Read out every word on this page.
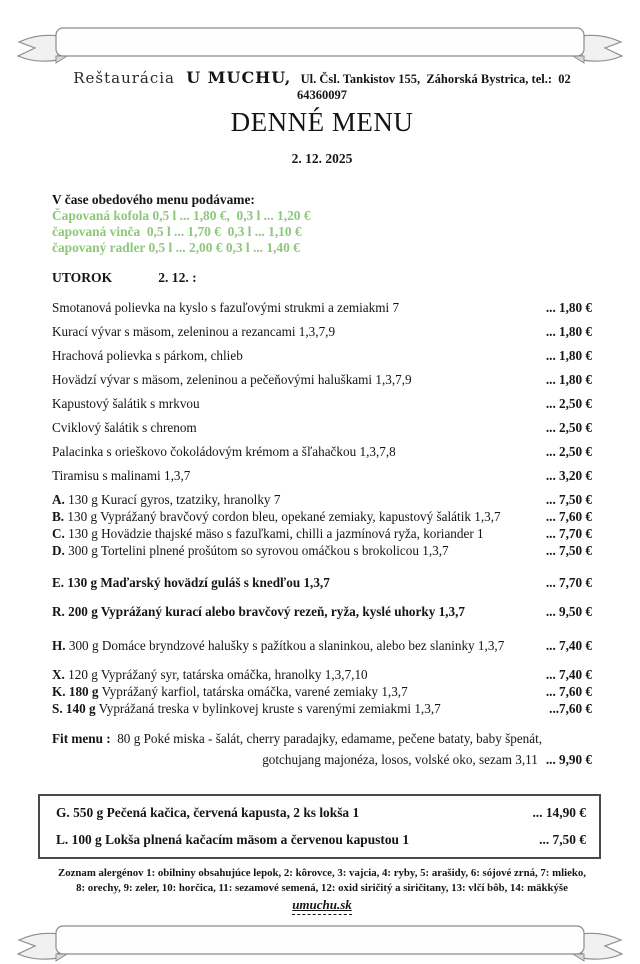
Reštaurácia U MUCHU, Ul. Čsl. Tankistov 155,  Záhorská Bystrica, tel.:  02 64360097
DENNÉ MENU
2. 12. 2025
V čase obedového menu podávame:
Čapovaná kofola 0,5 l ... 1,80 €,  0,3 l ... 1,20 €
čapovaná vinča  0,5 l ... 1,70 €  0,3 l ... 1,10 €
čapovaný radler 0,5 l ... 2,00 € 0,3 l ... 1,40 €
UTOROK	2. 12. :
Smotanová polievka na kyslo s fazuľovými strukmi a zemiakmi 7	... 1,80 €
Kurací vývar s mäsom, zeleninou a rezancami 1,3,7,9	... 1,80 €
Hrachová polievka s párkom, chlieb	... 1,80 €
Hovädzí vývar s mäsom, zeleninou a pečeňovými haluškami 1,3,7,9	... 1,80 €
Kapustový šalátik s mrkvou	... 2,50 €
Cviklový šalátik s chrenom	... 2,50 €
Palacinka s orieškovo čokoládovým krémom a šľahačkou 1,3,7,8	... 2,50 €
Tiramisu s malinami 1,3,7	... 3,20 €
A. 130 g Kurací gyros, tzatziky, hranolky 7	... 7,50 €
B. 130 g Vyprážaný bravčový cordon bleu, opekané zemiaky, kapustový šalátik 1,3,7	... 7,60 €
C. 130 g Hovädzie thajské mäso s fazuľkami, chilli a jazmínová ryža, koriander 1	... 7,70 €
D. 300 g Tortelini plnené prošútom so syrovou omáčkou s brokolicou 1,3,7	... 7,50 €
E. 130 g Maďarský hovädzí guláš s knedľou 1,3,7	... 7,70 €
R. 200 g Vyprážaný kurací alebo bravčový rezeň, ryža, kyslé uhorky 1,3,7	... 9,50 €
H. 300 g Domáce bryndzové halušky s pažítkou a slaninkou, alebo bez slaninky 1,3,7	... 7,40 €
X. 120 g Vyprážaný syr, tatárska omáčka, hranolky 1,3,7,10	... 7,40 €
K. 180 g Vyprážaný karfiol, tatárska omáčka, varené zemiaky 1,3,7	... 7,60 €
S. 140 g Vyprážaná treska v bylinkovej kruste s varenými zemiakmi 1,3,7	...7,60 €
Fit menu :  80 g Poké miska - šalát, cherry paradajky, edamame, pečene bataty, baby špenát,
gotchujang majonéza, losos, volské oko, sezam 3,11 ... 9,90 €
G. 550 g Pečená kačica, červená kapusta, 2 ks lokša 1	... 14,90 €
L. 100 g Lokša plnená kačacím mäsom a červenou kapustou 1	... 7,50 €
Zoznam alergénov 1: obilniny obsahujúce lepok, 2: kôrovce, 3: vajcia, 4: ryby, 5: arašidy, 6: sójové zrná, 7: mlieko,
8: orechy, 9: zeler, 10: horčica, 11: sezamové semená, 12: oxid siričitý a siričitany, 13: vlčí bôb, 14: mäkkýše
umuchu.sk
